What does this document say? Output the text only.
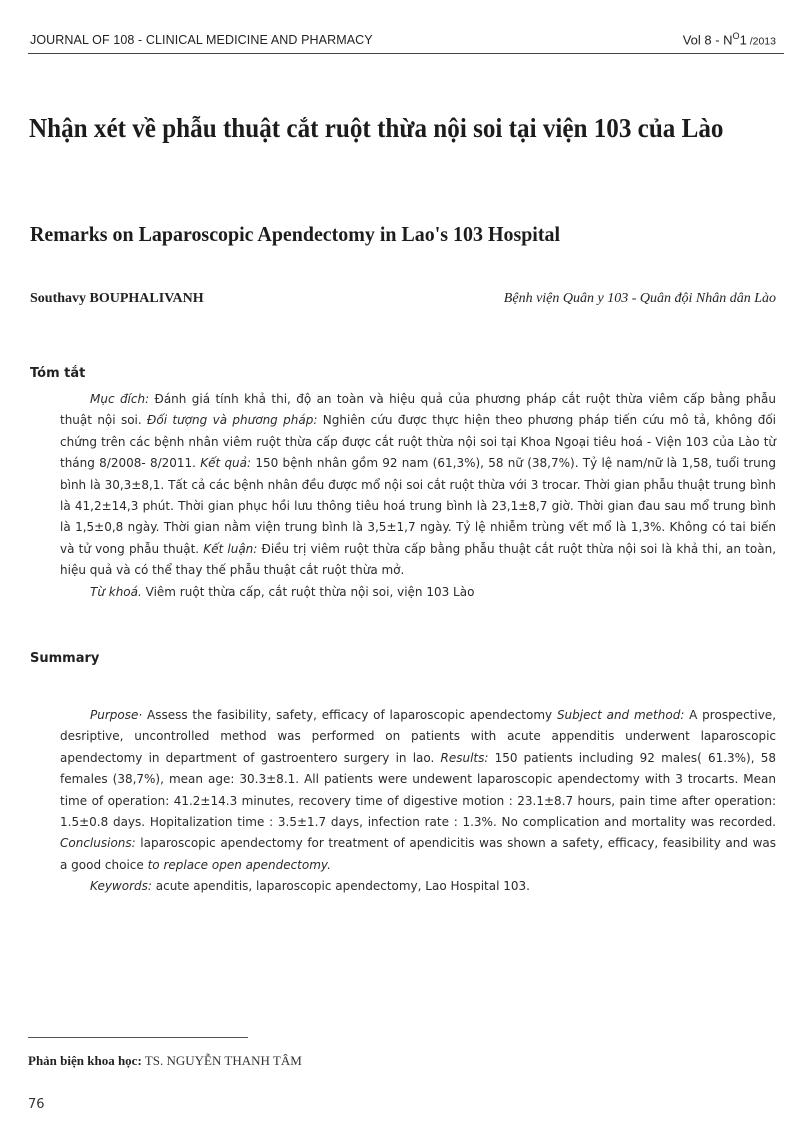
JOURNAL OF 108 - CLINICAL MEDICINE AND PHARMACY	Vol $8 - N^O1$ /2013
Nhận xét về phẫu thuật cắt ruột thừa nội soi tại viện 103 của Lào
Remarks on Laparoscopic Apendectomy in Lao's 103 Hospital
Southavy BOUPHALIVANH	Bệnh viện Quân y 103 - Quân đội Nhân dân Lào
Tóm tắt

Mục đích: Đánh giá tính khả thi, độ an toàn và hiệu quả của phương pháp cắt ruột thừa viêm cấp bằng phẫu thuật nội soi. Đối tượng và phương pháp: Nghiên cứu được thực hiện theo phương pháp tiến cứu mô tả, không đối chứng trên các bệnh nhân viêm ruột thừa cấp được cắt ruột thừa nội soi tại Khoa Ngoại tiêu hoá - Viện 103 của Lào từ tháng 8/2008- 8/2011. Kết quả: 150 bệnh nhân gồm 92 nam (61,3%), 58 nữ (38,7%). Tỷ lệ nam/nữ là 1,58, tuổi trung bình là 30,3±8,1. Tất cả các bệnh nhân đều được mổ nội soi cắt ruột thừa với 3 trocar. Thời gian phẫu thuật trung bình là 41,2±14,3 phút. Thời gian phục hồi lưu thông tiêu hoá trung bình là 23,1±8,7 giờ. Thời gian đau sau mổ trung bình là 1,5±0,8 ngày. Thời gian nằm viện trung bình là 3,5±1,7 ngày. Tỷ lệ nhiễm trùng vết mổ là 1,3%. Không có tai biến và tử vong phẫu thuật. Kết luận: Điều trị viêm ruột thừa cấp bằng phẫu thuật cắt ruột thừa nội soi là khả thi, an toàn, hiệu quả và có thể thay thế phẫu thuật cắt ruột thừa mở.

Từ khoá. Viêm ruột thừa cấp, cắt ruột thừa nội soi, viện 103 Lào

Summary

Purpose· Assess the fasibility, safety, efficacy of laparoscopic apendectomy Subject and method: A prospective, desriptive, uncontrolled method was performed on patients with acute appenditis underwent laparoscopic apendectomy in department of gastroentero surgery in lao. Results: 150 patients including 92 males( 61.3%), 58 females (38,7%), mean age: 30.3±8.1. All patients were undewent laparoscopic apendectomy with 3 trocarts. Mean time of operation: 41.2±14.3 minutes, recovery time of digestive motion : 23.1±8.7 hours, pain time after operation: 1.5±0.8 days. Hopitalization time : 3.5±1.7 days, infection rate : 1.3%. No complication and mortality was recorded. Conclusions: laparoscopic apendectomy for treatment of apendicitis was shown a safety, efficacy, feasibility and was a good choice to replace open apendectomy.

Keywords: acute apenditis, laparoscopic apendectomy, Lao Hospital 103.

Phản biện khoa học: TS. NGUYỄN THANH TÂM
76
